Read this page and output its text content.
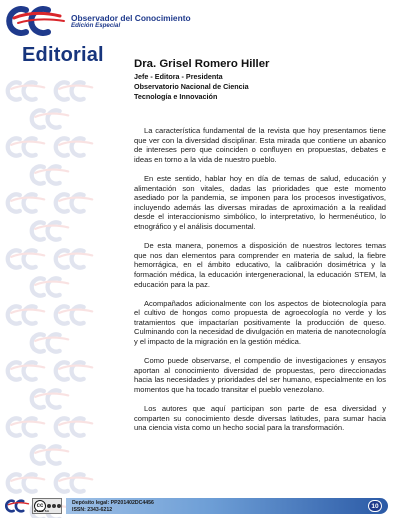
Observador del Conocimiento
Edición Especial
Editorial	Dra. Grisel Romero Hiller
Jefe - Editora - Presidenta
Observatorio Nacional de Ciencia
Tecnología e Innovación

La característica fundamental de la revista que hoy presentamos tiene que ver con la diversidad disciplinar. Esta mirada que contiene un abanico de intereses pero que coinciden o confluyen en propuestas, debates e ideas en torno a la vida de nuestro pueblo.

En este sentido, hablar hoy en día de temas de salud, educación y alimentación son vitales, dadas las prioridades que este momento asediado por la pandemia, se imponen para los procesos investigativos, incluyendo además las diversas miradas de aproximación a la realidad desde el interaccionismo simbólico, lo interpretativo, lo hermenéutico, lo etnográfico y el análisis documental.

De esta manera, ponemos a disposición de nuestros lectores temas que nos dan elementos para comprender en materia de salud, la fiebre hemorrágica, en el ámbito educativo, la calibración dosimétrica y la formación médica, la educación intergeneracional, la educación STEM, la educación para la paz.

Acompañados adicionalmente con los aspectos de biotecnología para el cultivo de hongos como propuesta de agroecología no verde y los tratamientos que impactarían positivamente la producción de queso. Culminando con la necesidad de divulgación en materia de nanotecnología y el impacto de la migración en la gestión médica.

Como puede observarse, el compendio de investigaciones y ensayos aportan al conocimiento diversidad de propuestas, pero direccionadas hacia las necesidades y prioridades del ser humano, especialmente en los momentos que ha tocado transitar el pueblo venezolano.

Los autores que aquí participan son parte de esa diversidad y comparten su conocimiento desde diversas latitudes, para sumar hacia una ciencia vista como un hecho social para la transformación.

cc
BY NC SA
Depósito legal: PP201402DC4456
ISSN: 2343-6212
10
